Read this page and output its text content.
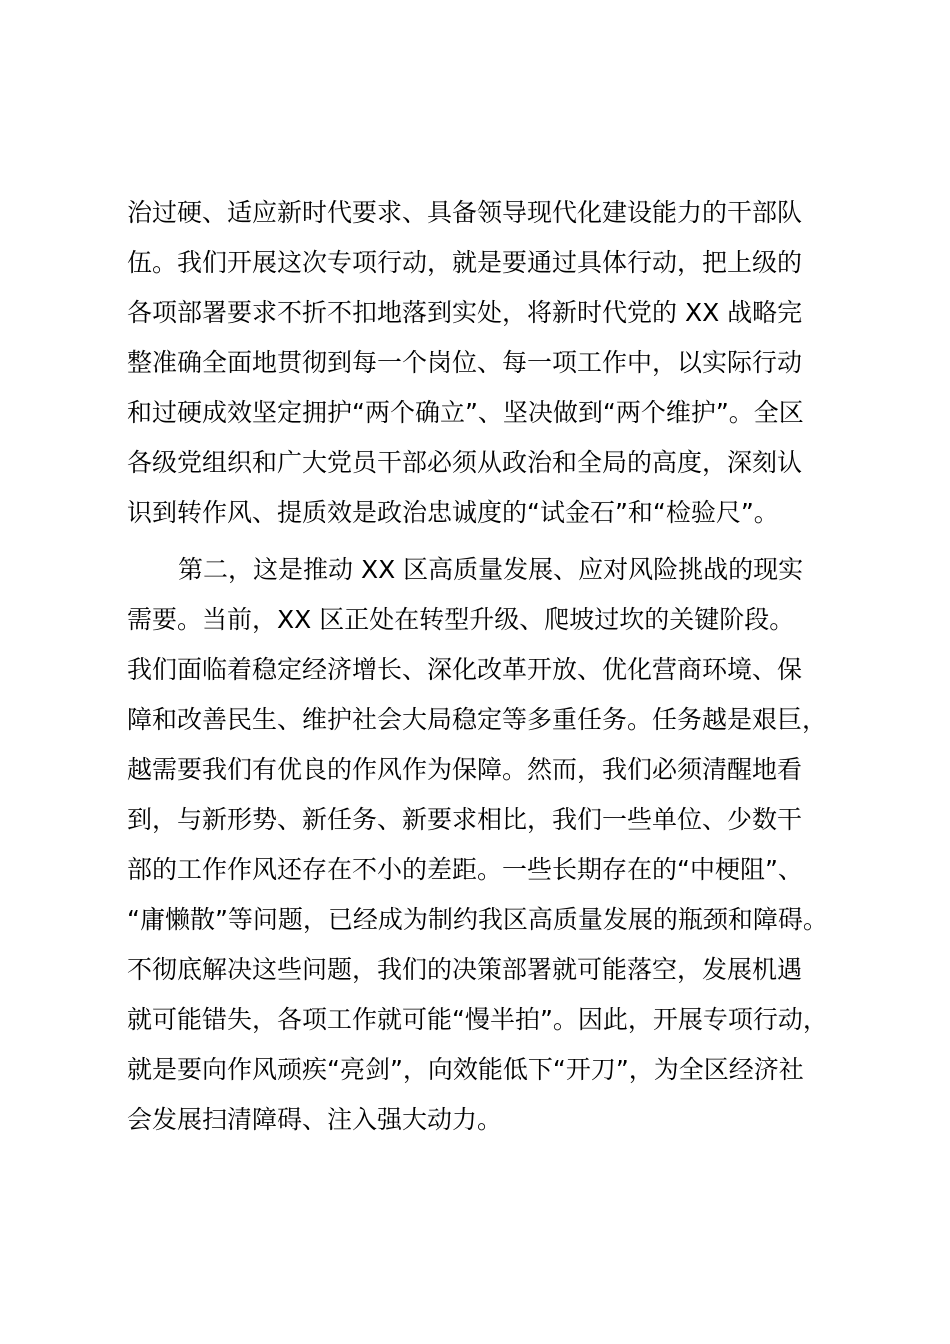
治过硬、适应新时代要求、具备领导现代化建设能力的干部队
伍。我们开展这次专项行动，就是要通过具体行动，把上级的
各项部署要求不折不扣地落到实处，将新时代党的 XX 战略完
整准确全面地贯彻到每一个岗位、每一项工作中，以实际行动
和过硬成效坚定拥护“两个确立”、坚决做到“两个维护”。全区
各级党组织和广大党员干部必须从政治和全局的高度，深刻认
识到转作风、提质效是政治忠诚度的“试金石”和“检验尺”。
第二，这是推动 XX 区高质量发展、应对风险挑战的现实
需要。当前，XX 区正处在转型升级、爬坡过坎的关键阶段。
我们面临着稳定经济增长、深化改革开放、优化营商环境、保
障和改善民生、维护社会大局稳定等多重任务。任务越是艰巨，
越需要我们有优良的作风作为保障。然而，我们必须清醒地看
到，与新形势、新任务、新要求相比，我们一些单位、少数干
部的工作作风还存在不小的差距。一些长期存在的“中梗阻”、
“庸懒散”等问题，已经成为制约我区高质量发展的瓶颈和障碍。
不彻底解决这些问题，我们的决策部署就可能落空，发展机遇
就可能错失，各项工作就可能“慢半拍”。因此，开展专项行动，
就是要向作风顽疾“亮剑”，向效能低下“开刀”，为全区经济社
会发展扫清障碍、注入强大动力。
